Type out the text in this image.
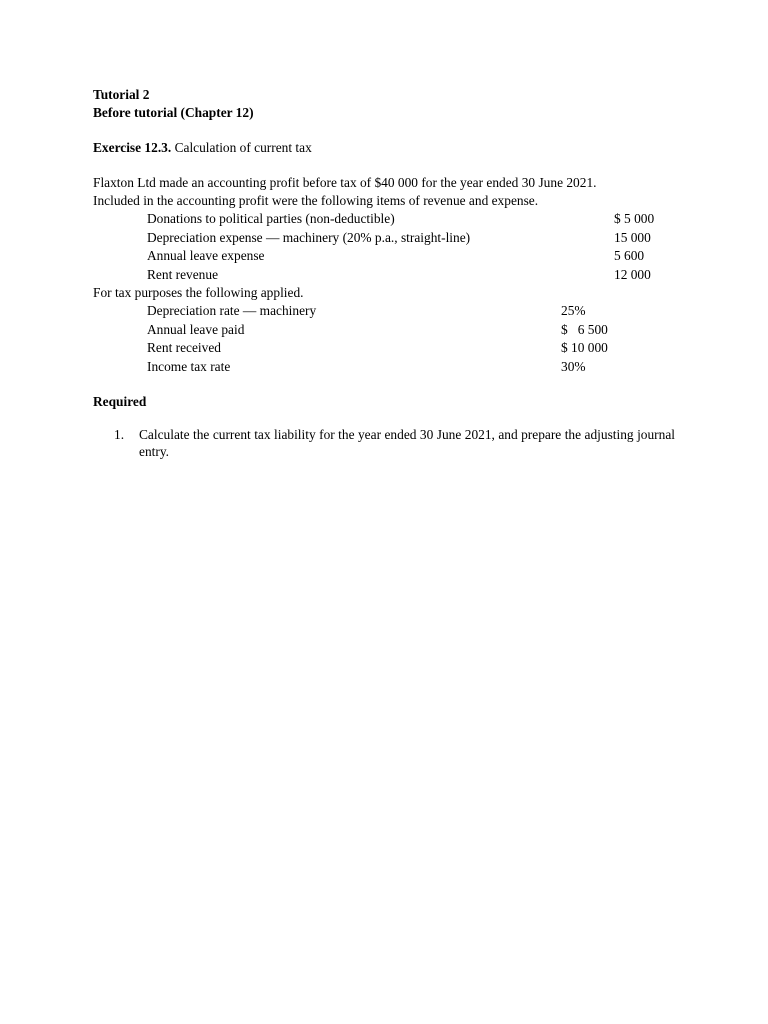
Tutorial 2
Before tutorial (Chapter 12)
Exercise 12.3. Calculation of current tax
Flaxton Ltd made an accounting profit before tax of $40 000 for the year ended 30 June 2021.
Included in the accounting profit were the following items of revenue and expense.
Donations to political parties (non-deductible)	$ 5 000
Depreciation expense — machinery (20% p.a., straight-line)	15 000
Annual leave expense	5 600
Rent revenue	12 000
For tax purposes the following applied.
Depreciation rate — machinery	25%
Annual leave paid	$   6 500
Rent received	$ 10 000
Income tax rate	30%
Required
1. Calculate the current tax liability for the year ended 30 June 2021, and prepare the adjusting journal entry.
